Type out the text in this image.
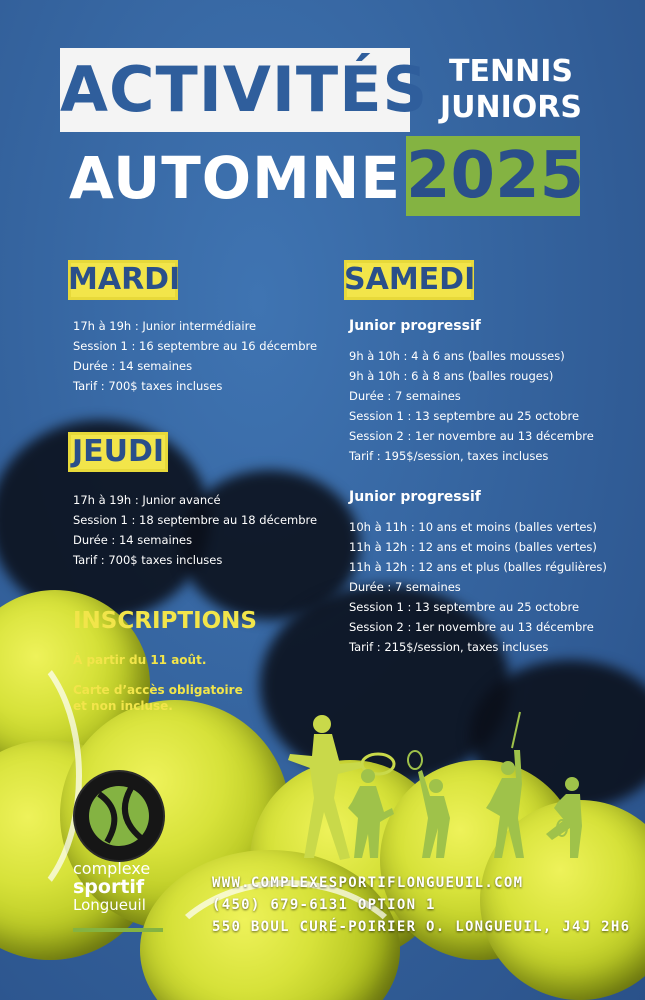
ACTIVITÉS TENNIS
JUNIORS
AUTOMNE 2025
MARDI

17h à 19h : Junior intermédiaire

Session 1 : 16 septembre au 16 décembre

Durée : 14 semaines

Tarif : 700$ taxes incluses

JEUDI

17h à 19h : Junior avancé

Session 1 : 18 septembre au 18 décembre

Durée : 14 semaines

Tarif : 700$ taxes incluses

SAMEDI

Junior progressif

9h à 10h : 4 à 6 ans (balles mousses)

9h à 10h : 6 à 8 ans (balles rouges)

Durée : 7 semaines

Session 1 : 13 septembre au 25 octobre

Session 2 : 1er novembre au 13 décembre

Tarif : 195$/session, taxes incluses

Junior progressif

10h à 11h : 10 ans et moins (balles vertes)

11h à 12h : 12 ans et moins (balles vertes)

11h à 12h : 12 ans et plus (balles régulières)

Durée : 7 semaines

Session 1 : 13 septembre au 25 octobre

Session 2 : 1er novembre au 13 décembre

Tarif : 215$/session, taxes incluses

INSCRIPTIONS

À partir du 11 août.

Carte d’accès obligatoire

et non incluse.

complexe
sportif
Longueuil

WWW.COMPLEXESPORTIFLONGUEUIL.COM

(450) 679-6131 OPTION 1

550 BOUL CURÉ-POIRIER O. LONGUEUIL, J4J 2H6
